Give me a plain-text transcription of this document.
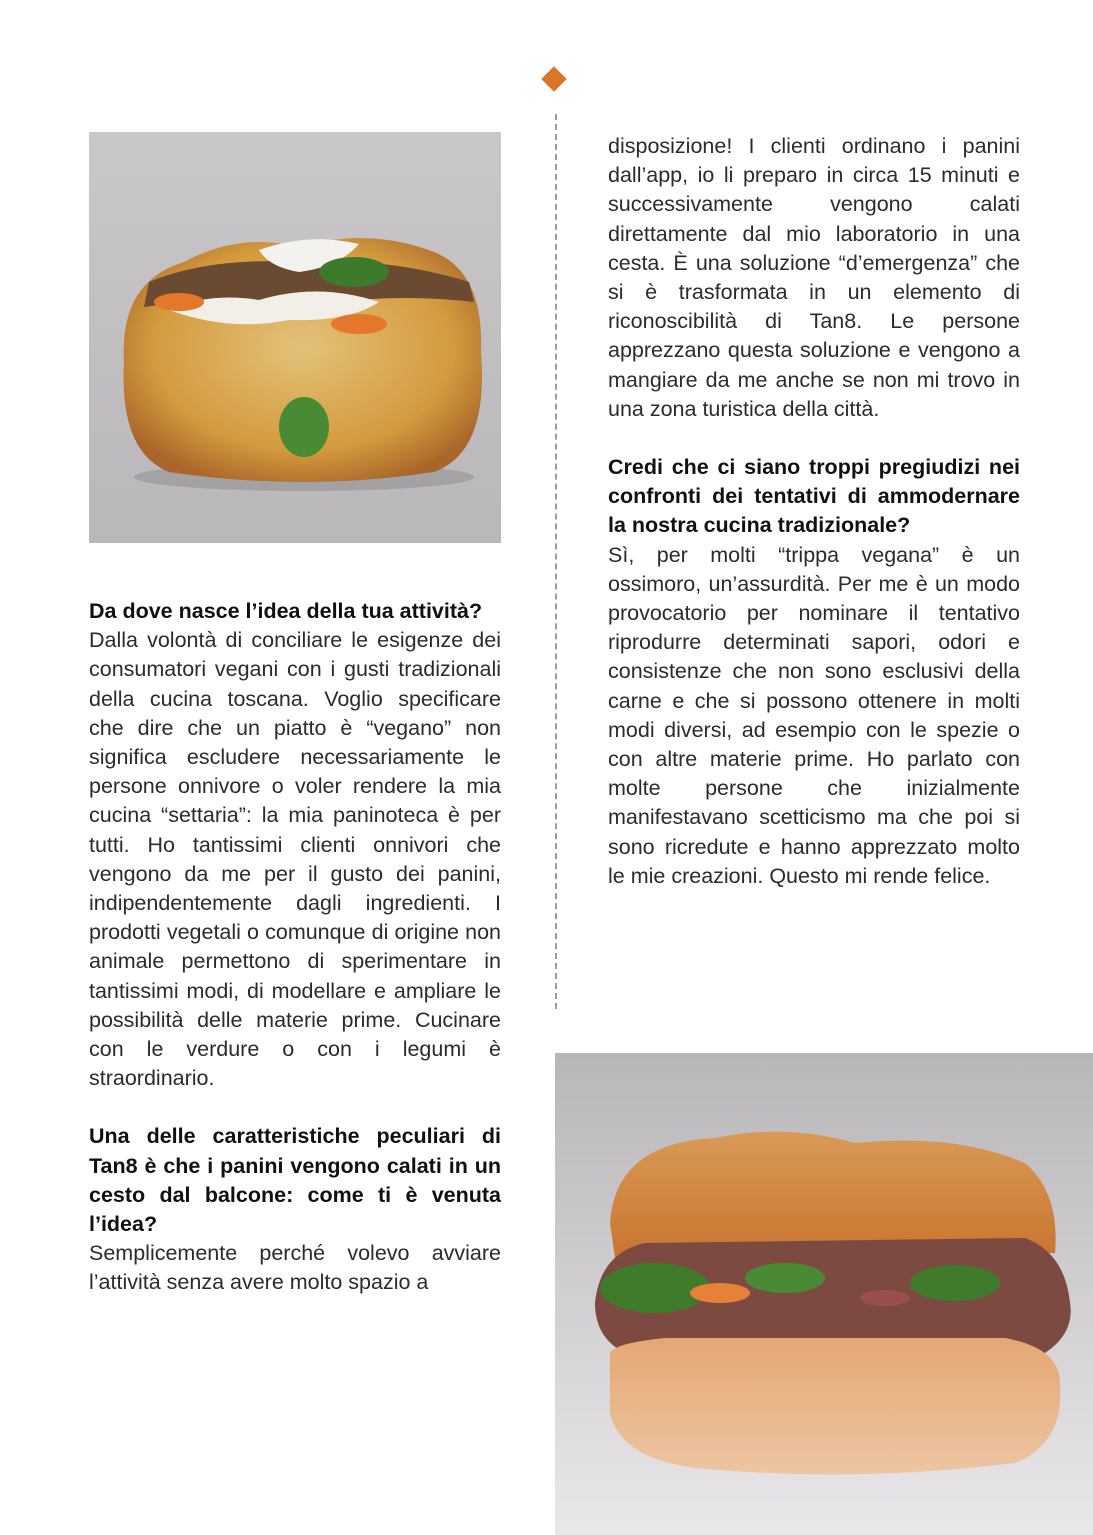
Da dove nasce l’idea della tua attività?

Dalla volontà di conciliare le esigenze dei consumatori vegani con i gusti tradizionali della cucina toscana. Voglio specificare che dire che un piatto è “vegano” non significa escludere necessariamente le persone onnivore o voler rendere la mia cucina “settaria”: la mia paninoteca è per tutti. Ho tantissimi clienti onnivori che vengono da me per il gusto dei panini, indipendentemente dagli ingredienti. I prodotti vegetali o comunque di origine non animale permettono di sperimentare in tantissimi modi, di modellare e ampliare le possibilità delle materie prime. Cucinare con le verdure o con i legumi è straordinario.

Una delle caratteristiche peculiari di Tan8 è che i panini vengono calati in un cesto dal balcone: come ti è venuta l’idea?

Semplicemente perché volevo avviare l’attività senza avere molto spazio a

disposizione! I clienti ordinano i panini dall’app, io li preparo in circa 15 minuti e successivamente vengono calati direttamente dal mio laboratorio in una cesta. È una soluzione “d’emergenza” che si è trasformata in un elemento di riconoscibilità di Tan8. Le persone apprezzano questa soluzione e vengono a mangiare da me anche se non mi trovo in una zona turistica della città.

Credi che ci siano troppi pregiudizi nei confronti dei tentativi di ammodernare la nostra cucina tradizionale?

Sì, per molti “trippa vegana” è un ossimoro, un’assurdità. Per me è un modo provocatorio per nominare il tentativo riprodurre determinati sapori, odori e consistenze che non sono esclusivi della carne e che si possono ottenere in molti modi diversi, ad esempio con le spezie o con altre materie prime. Ho parlato con molte persone che inizialmente manifestavano scetticismo ma che poi si sono ricredute e hanno apprezzato molto le mie creazioni. Questo mi rende felice.
